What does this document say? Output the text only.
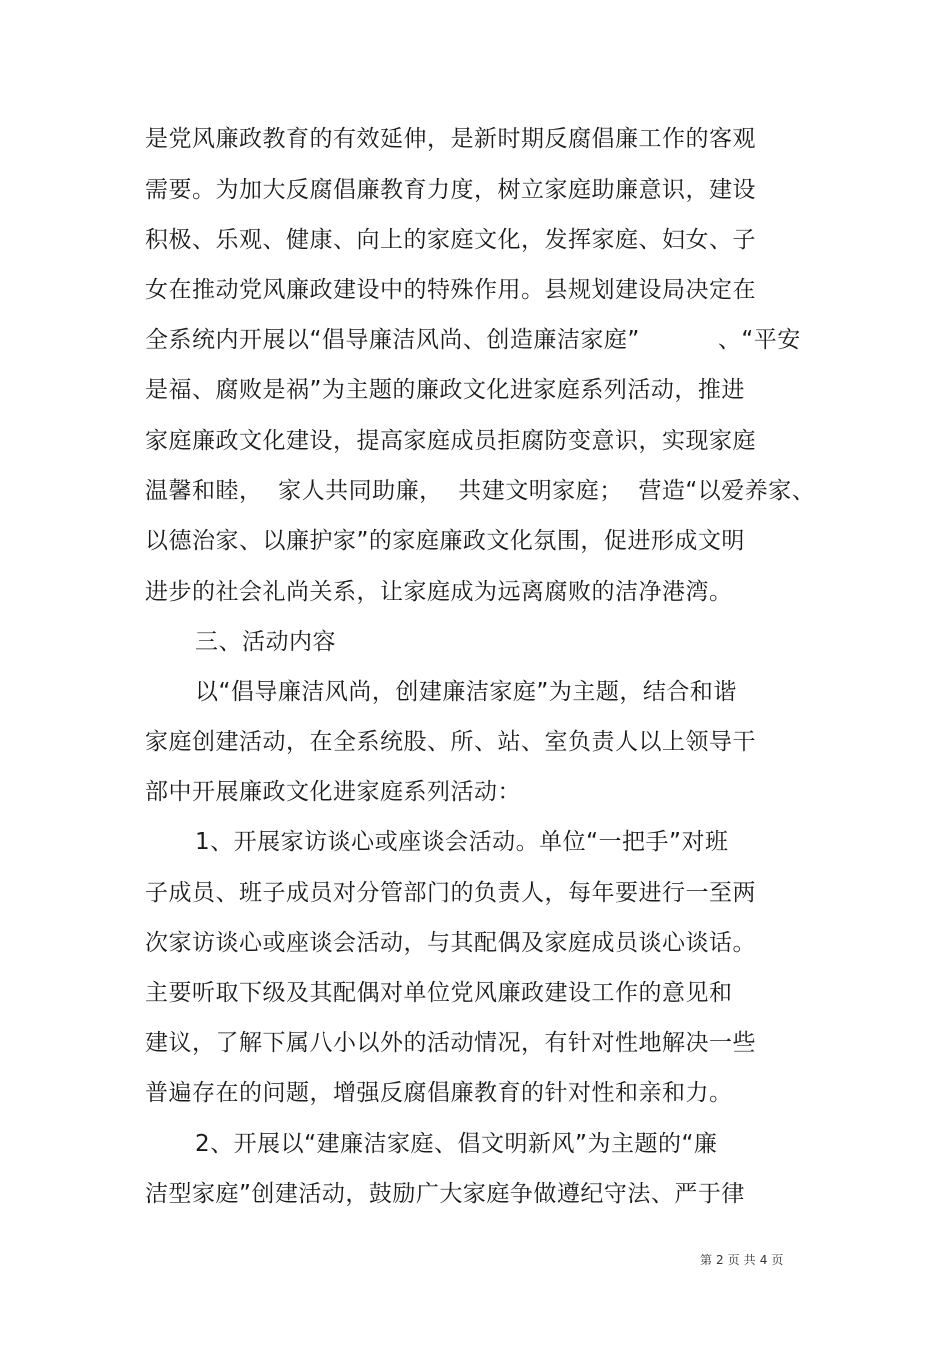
是党风廉政教育的有效延伸，是新时期反腐倡廉工作的客观
需要。为加大反腐倡廉教育力度，树立家庭助廉意识，建设
积极、乐观、健康、向上的家庭文化，发挥家庭、妇女、子
女在推动党风廉政建设中的特殊作用。县规划建设局决定在
全系统内开展以“倡导廉洁风尚、创造廉洁家庭”	、“平安
是福、腐败是祸”为主题的廉政文化进家庭系列活动，推进
家庭廉政文化建设，提高家庭成员拒腐防变意识，实现家庭
温馨和睦，  家人共同助廉，  共建文明家庭；  营造“以爱养家、
以德治家、以廉护家”的家庭廉政文化氛围，促进形成文明
进步的社会礼尚关系，让家庭成为远离腐败的洁净港湾。
三、活动内容
以“倡导廉洁风尚，创建廉洁家庭”为主题，结合和谐
家庭创建活动，在全系统股、所、站、室负责人以上领导干
部中开展廉政文化进家庭系列活动：
1、开展家访谈心或座谈会活动。单位“一把手”对班
子成员、班子成员对分管部门的负责人，每年要进行一至两
次家访谈心或座谈会活动，与其配偶及家庭成员谈心谈话。
主要听取下级及其配偶对单位党风廉政建设工作的意见和
建议，了解下属八小以外的活动情况，有针对性地解决一些
普遍存在的问题，增强反腐倡廉教育的针对性和亲和力。
2、开展以“建廉洁家庭、倡文明新风”为主题的“廉
洁型家庭”创建活动，鼓励广大家庭争做遵纪守法、严于律
第 2 页 共 4 页
